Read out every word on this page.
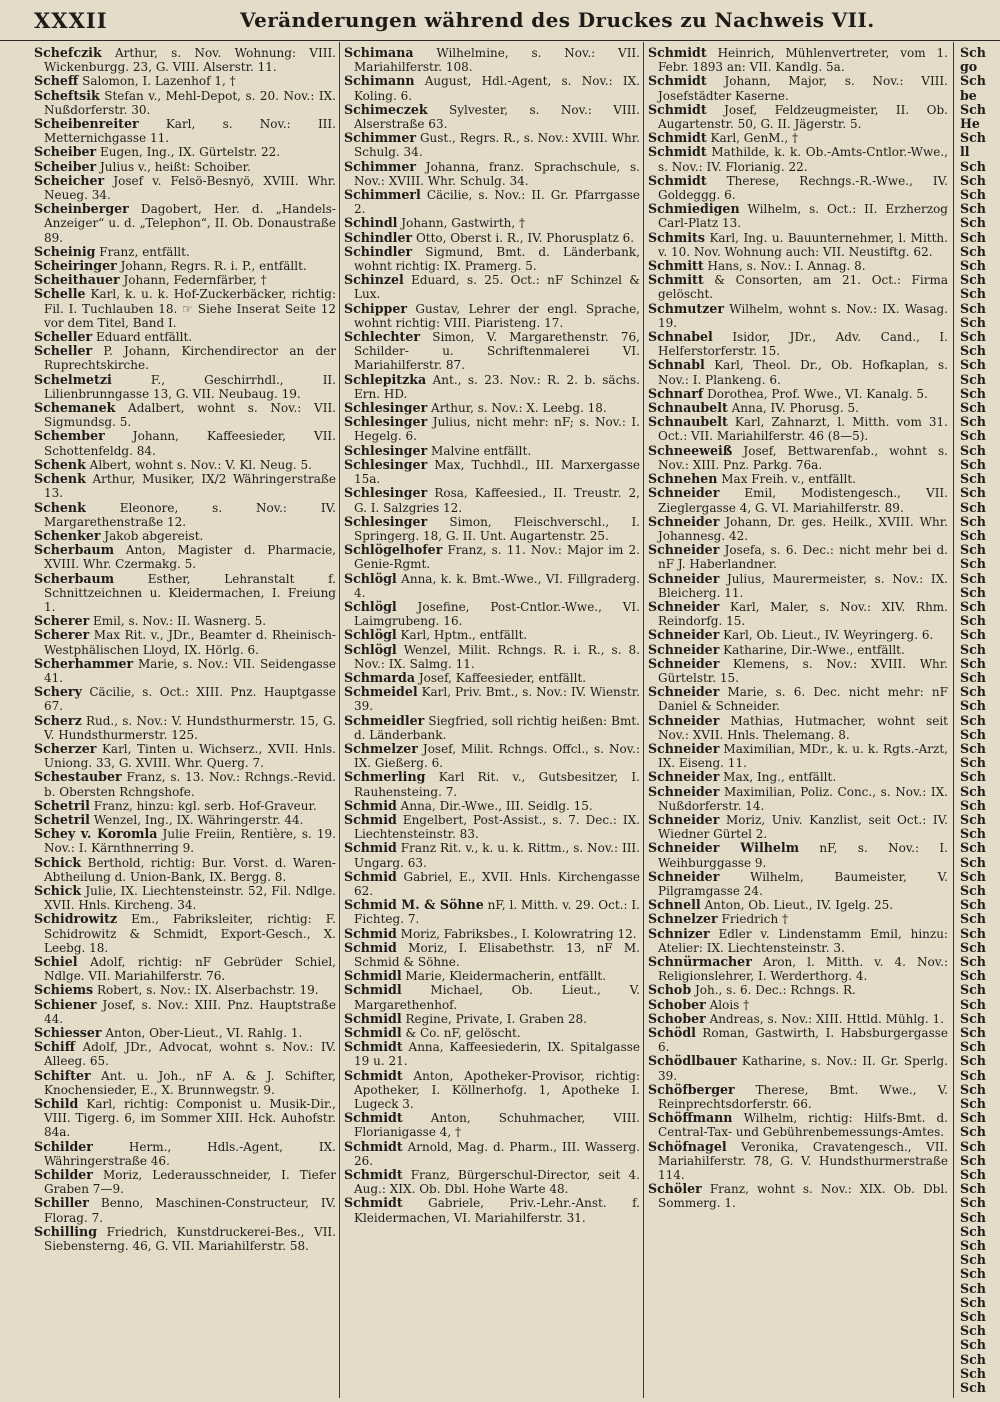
XXXII	Veränderungen während des Druckes zu Nachweis VII.
Schefczik Arthur, s. Nov. Wohnung: VIII. Wickenburgg. 23, G. VIII. Alserstr. 11.
Scheff Salomon, I. Lazenhof 1, †
Scheftsik Stefan v., Mehl-Depot, s. 20. Nov.: IX. Nußdorferstr. 30.
Scheibenreiter Karl, s. Nov.: III. Metternichgasse 11.
Scheiber Eugen, Ing., IX. Gürtelstr. 22.
Scheiber Julius v., heißt: Schoiber.
Scheicher Josef v. Felsö-Besnyö, XVIII. Whr. Neueg. 34.
Scheinberger Dagobert, Her. d. „Handels-Anzeiger“ u. d. „Telephon“, II. Ob. Donaustraße 89.
Scheinig Franz, entfällt.
Scheiringer Johann, Regrs. R. i. P., entfällt.
Scheithauer Johann, Federnfärber, †
Schelle Karl, k. u. k. Hof-Zuckerbäcker, richtig: Fil. I. Tuchlauben 18. ☞ Siehe Inserat Seite 12 vor dem Titel, Band I.
Scheller Eduard entfällt.
Scheller P. Johann, Kirchendirector an der Ruprechtskirche.
Schelmetzi	F., Geschirrhdl., II. Lilienbrunngasse 13, G. VII. Neubaug. 19.
Schemanek Adalbert, wohnt s. Nov.: VII. Sigmundsg. 5.
Schember Johann, Kaffeesieder, VII. Schottenfeldg. 84.
Schenk Albert, wohnt s. Nov.: V. Kl. Neug. 5.
Schenk Arthur, Musiker, IX/2 Währingerstraße 13.
Schenk	Eleonore, s. Nov.: IV. Margarethenstraße 12.
Schenker Jakob abgereist.
Scherbaum Anton, Magister d. Pharmacie, XVIII. Whr. Czermakg. 5.
Scherbaum	Esther, Lehranstalt f. Schnittzeichnen u. Kleidermachen, I. Freiung 1.
Scherer Emil, s. Nov.: II. Wasnerg. 5.
Scherer Max Rit. v., JDr., Beamter d. Rheinisch-Westphälischen Lloyd, IX. Hörlg. 6.
Scherhammer Marie, s. Nov.: VII. Seidengasse 41.
Schery Cäcilie, s. Oct.: XIII. Pnz. Hauptgasse 67.
Scherz Rud., s. Nov.: V. Hundsthurmerstr. 15, G. V. Hundsthurmerstr. 125.
Scherzer Karl, Tinten u. Wichserz., XVII. Hnls. Uniong. 33, G. XVIII. Whr. Querg. 7.
Schestauber Franz, s. 13. Nov.: Rchngs.-Revid. b. Obersten Rchngshofe.
Schetril Franz, hinzu: kgl. serb. Hof-Graveur.
Schetril Wenzel, Ing., IX. Währingerstr. 44.
Schey v. Koromla Julie Freiin, Rentière, s. 19. Nov.: I. Kärnthnerring 9.
Schick Berthold, richtig: Bur. Vorst. d. Waren-Abtheilung d. Union-Bank, IX. Bergg. 8.
Schick Julie, IX. Liechtensteinstr. 52, Fil. Ndlge. XVII. Hnls. Kircheng. 34.
Schidrowitz Em., Fabriksleiter, richtig: F. Schidrowitz & Schmidt, Export-Gesch., X. Leebg. 18.
Schiel Adolf, richtig: nF Gebrüder Schiel, Ndlge. VII. Mariahilferstr. 76.
Schiems Robert, s. Nov.: IX. Alserbachstr. 19.
Schiener Josef, s. Nov.: XIII. Pnz. Hauptstraße 44.
Schiesser Anton, Ober-Lieut., VI. Rahlg. 1.
Schiff Adolf, JDr., Advocat, wohnt s. Nov.: IV. Alleeg. 65.
Schifter Ant. u. Joh., nF A. & J. Schifter, Knochensieder, E., X. Brunnwegstr. 9.
Schild Karl, richtig: Componist u. Musik-Dir., VIII. Tigerg. 6, im Sommer XIII. Hck. Auhofstr. 84a.
Schilder	Herm., Hdls.-Agent, IX. Währingerstraße 46.
Schilder Moriz, Lederausschneider, I. Tiefer Graben 7—9.
Schiller Benno, Maschinen-Constructeur, IV. Florag. 7.
Schilling Friedrich, Kunstdruckerei-Bes., VII. Siebensterng. 46, G. VII. Mariahilferstr. 58.
Schimana Wilhelmine, s. Nov.: VII. Mariahilferstr. 108.
Schimann August, Hdl.-Agent, s. Nov.: IX. Koling. 6.
Schimeczek Sylvester, s. Nov.: VIII. Alserstraße 63.
Schimmer Gust., Regrs. R., s. Nov.: XVIII. Whr. Schulg. 34.
Schimmer Johanna, franz. Sprachschule, s. Nov.: XVIII. Whr. Schulg. 34.
Schimmerl Cäcilie, s. Nov.: II. Gr. Pfarrgasse 2.
Schindl Johann, Gastwirth, †
Schindler Otto, Oberst i. R., IV. Phorusplatz 6.
Schindler Sigmund, Bmt. d. Länderbank, wohnt richtig: IX. Pramerg. 5.
Schinzel Eduard, s. 25. Oct.: nF Schinzel & Lux.
Schipper Gustav, Lehrer der engl. Sprache, wohnt richtig: VIII. Piaristeng. 17.
Schlechter Simon, V. Margarethenstr. 76, Schilder- u. Schriftenmalerei VI. Mariahilferstr. 87.
Schlepitzka Ant., s. 23. Nov.: R. 2. b. sächs. Ern. HD.
Schlesinger Arthur, s. Nov.: X. Leebg. 18.
Schlesinger Julius, nicht mehr: nF; s. Nov.: I. Hegelg. 6.
Schlesinger Malvine entfällt.
Schlesinger Max, Tuchhdl., III. Marxergasse 15a.
Schlesinger Rosa, Kaffeesied., II. Treustr. 2, G. I. Salzgries 12.
Schlesinger Simon, Fleischverschl., I. Springerg. 18, G. II. Unt. Augartenstr. 25.
Schlögelhofer Franz, s. 11. Nov.: Major im 2. Genie-Rgmt.
Schlögl Anna, k. k. Bmt.-Wwe., VI. Fillgraderg. 4.
Schlögl Josefine, Post-Cntlor.-Wwe., VI. Laimgrubeng. 16.
Schlögl Karl, Hptm., entfällt.
Schlögl Wenzel, Milit. Rchngs. R. i. R., s. 8. Nov.: IX. Salmg. 11.
Schmarda Josef, Kaffeesieder, entfällt.
Schmeidel Karl, Priv. Bmt., s. Nov.: IV. Wienstr. 39.
Schmeidler Siegfried, soll richtig heißen: Bmt. d. Länderbank.
Schmelzer Josef, Milit. Rchngs. Offcl., s. Nov.: IX. Gießerg. 6.
Schmerling Karl Rit. v., Gutsbesitzer, I. Rauhensteing. 7.
Schmid Anna, Dir.-Wwe., III. Seidlg. 15.
Schmid Engelbert, Post-Assist., s. 7. Dec.: IX. Liechtensteinstr. 83.
Schmid Franz Rit. v., k. u. k. Rittm., s. Nov.: III. Ungarg. 63.
Schmid Gabriel, E., XVII. Hnls. Kirchengasse 62.
Schmid M. & Söhne nF, l. Mitth. v. 29. Oct.: I. Fichteg. 7.
Schmid Moriz, Fabriksbes., I. Kolowratring 12.
Schmid Moriz, I. Elisabethstr. 13, nF M. Schmid & Söhne.
Schmidl Marie, Kleidermacherin, entfällt.
Schmidl Michael, Ob. Lieut., V. Margarethenhof.
Schmidl Regine, Private, I. Graben 28.
Schmidl & Co. nF, gelöscht.
Schmidt Anna, Kaffeesiederin, IX. Spitalgasse 19 u. 21.
Schmidt Anton, Apotheker-Provisor, richtig: Apotheker, I. Köllnerhofg. 1, Apotheke I. Lugeck 3.
Schmidt Anton, Schuhmacher, VIII. Florianigasse 4, †
Schmidt Arnold, Mag. d. Pharm., III. Wasserg. 26.
Schmidt Franz, Bürgerschul-Director, seit 4. Aug.: XIX. Ob. Dbl. Hohe Warte 48.
Schmidt Gabriele, Priv.-Lehr.-Anst. f. Kleidermachen, VI. Mariahilferstr. 31.
Schmidt Heinrich, Mühlenvertreter, vom 1. Febr. 1893 an: VII. Kandlg. 5a.
Schmidt Johann, Major, s. Nov.: VIII. Josefstädter Kaserne.
Schmidt Josef, Feldzeugmeister, II. Ob. Augartenstr. 50, G. II. Jägerstr. 5.
Schmidt Karl, GenM., †
Schmidt Mathilde, k. k. Ob.-Amts-Cntlor.-Wwe., s. Nov.: IV. Florianig. 22.
Schmidt Therese, Rechngs.-R.-Wwe., IV. Goldeggg. 6.
Schmiedigen Wilhelm, s. Oct.: II. Erzherzog Carl-Platz 13.
Schmits Karl, Ing. u. Bauunternehmer, l. Mitth. v. 10. Nov. Wohnung auch: VII. Neustiftg. 62.
Schmitt Hans, s. Nov.: I. Annag. 8.
Schmitt & Consorten, am 21. Oct.: Firma gelöscht.
Schmutzer Wilhelm, wohnt s. Nov.: IX. Wasag. 19.
Schnabel Isidor, JDr., Adv. Cand., I. Helferstorferstr. 15.
Schnabl Karl, Theol. Dr., Ob. Hofkaplan, s. Nov.: I. Plankeng. 6.
Schnarf Dorothea, Prof. Wwe., VI. Kanalg. 5.
Schnaubelt Anna, IV. Phorusg. 5.
Schnaubelt Karl, Zahnarzt, l. Mitth. vom 31. Oct.: VII. Mariahilferstr. 46 (8—5).
Schneeweiß Josef, Bettwarenfab., wohnt s. Nov.: XIII. Pnz. Parkg. 76a.
Schnehen Max Freih. v., entfällt.
Schneider Emil, Modistengesch., VII. Zieglergasse 4, G. VI. Mariahilferstr. 89.
Schneider Johann, Dr. ges. Heilk., XVIII. Whr. Johannesg. 42.
Schneider Josefa, s. 6. Dec.: nicht mehr bei d. nF J. Haberlandner.
Schneider Julius, Maurermeister, s. Nov.: IX. Bleicherg. 11.
Schneider Karl, Maler, s. Nov.: XIV. Rhm. Reindorfg. 15.
Schneider Karl, Ob. Lieut., IV. Weyringerg. 6.
Schneider Katharine, Dir.-Wwe., entfällt.
Schneider Klemens, s. Nov.: XVIII. Whr. Gürtelstr. 15.
Schneider Marie, s. 6. Dec. nicht mehr: nF Daniel & Schneider.
Schneider Mathias, Hutmacher, wohnt seit Nov.: XVII. Hnls. Thelemang. 8.
Schneider Maximilian, MDr., k. u. k. Rgts.-Arzt, IX. Eiseng. 11.
Schneider Max, Ing., entfällt.
Schneider Maximilian, Poliz. Conc., s. Nov.: IX. Nußdorferstr. 14.
Schneider Moriz, Univ. Kanzlist, seit Oct.: IV. Wiedner Gürtel 2.
Schneider Wilhelm nF, s. Nov.: I. Weihburggasse 9.
Schneider	Wilhelm, Baumeister, V. Pilgramgasse 24.
Schnell Anton, Ob. Lieut., IV. Igelg. 25.
Schnelzer Friedrich †
Schnizer Edler v. Lindenstamm Emil, hinzu: Atelier: IX. Liechtensteinstr. 3.
Schnürmacher Aron, l. Mitth. v. 4. Nov.: Religionslehrer, I. Werderthorg. 4.
Schob Joh., s. 6. Dec.: Rchngs. R.
Schober Alois †
Schober Andreas, s. Nov.: XIII. Httld. Mühlg. 1.
Schödl Roman, Gastwirth, I. Habsburgergasse 6.
Schödlbauer Katharine, s. Nov.: II. Gr. Sperlg. 39.
Schöfberger Therese, Bmt. Wwe., V. Reinprechtsdorferstr. 66.
Schöffmann Wilhelm, richtig: Hilfs-Bmt. d. Central-Tax- und Gebührenbemessungs-Amtes.
Schöfnagel Veronika, Cravatengesch., VII. Mariahilferstr. 78, G. V. Hundsthurmerstraße 114.
Schöler Franz, wohnt s. Nov.: XIX. Ob. Dbl. Sommerg. 1.
Sch
go
Sch
be
Sch
He
Sch
ll
Sch
Sch
Sch
Sch
Sch
Sch
Sch
Sch
Sch
Sch
Sch
Sch
Sch
Sch
Sch
Sch
Sch
Sch
Sch
Sch
Sch
Sch
Sch
Sch
Sch
Sch
Sch
Sch
Sch
Sch
Sch
Sch
Sch
Sch
Sch
Sch
Sch
Sch
Sch
Sch
Sch
Sch
Sch
Sch
Sch
Sch
Sch
Sch
Sch
Sch
Sch
Sch
Sch
Sch
Sch
Sch
Sch
Sch
Sch
Sch
Sch
Sch
Sch
Sch
Sch
Sch
Sch
Sch
Sch
Sch
Sch
Sch
Sch
Sch
Sch
Sch
Sch
Sch
Sch
Sch
Sch
Sch
Sch
Sch
Sch
Sch
Sch
